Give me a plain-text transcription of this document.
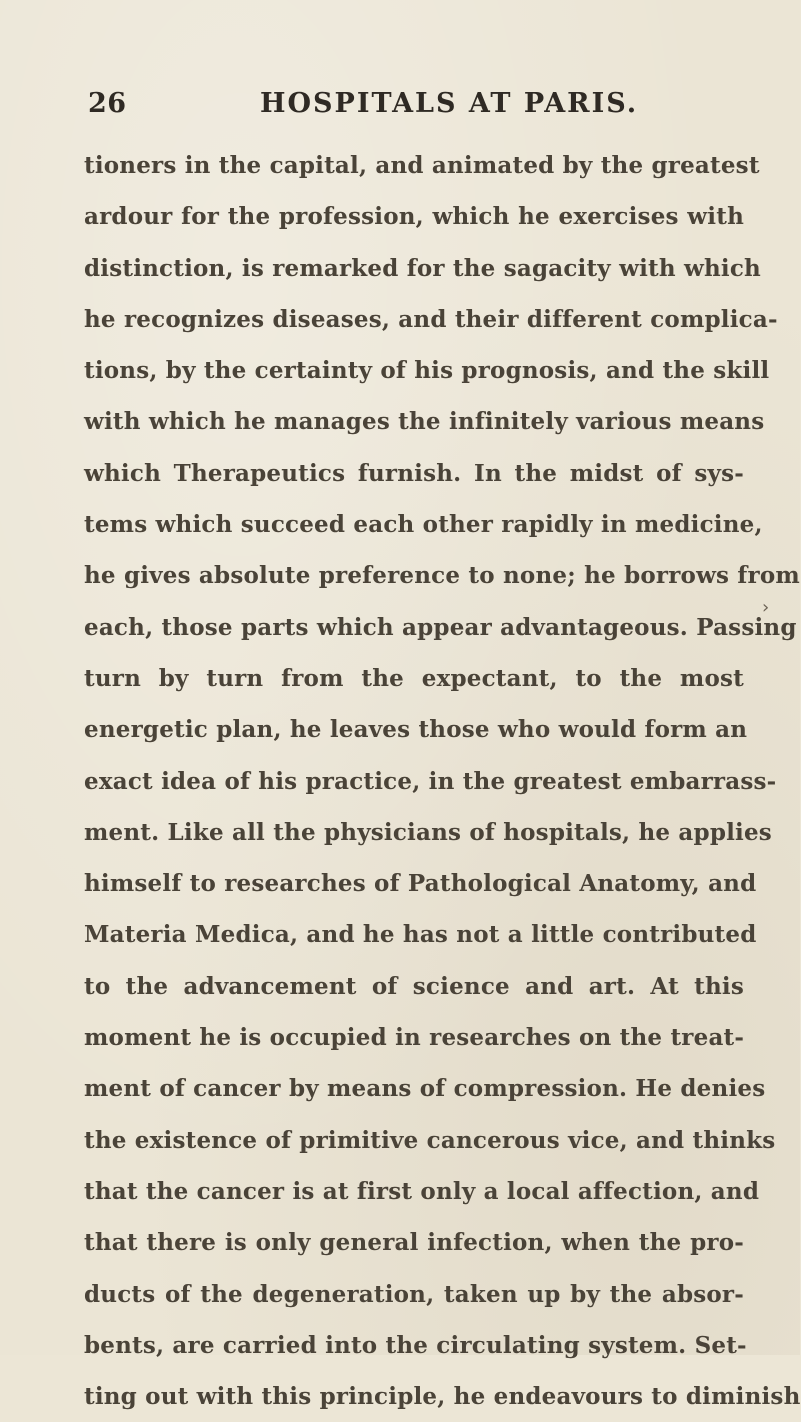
26	HOSPITALS AT PARIS.
tioners in the capital, and animated by the greatest
ardour for the profession, which he exercises with
distinction, is remarked for the sagacity with which
he recognizes diseases, and their different complica-
tions, by the certainty of his prognosis, and the skill
with which he manages the infinitely various means
which Therapeutics furnish. In the midst of sys-
tems which succeed each other rapidly in medicine,
he gives absolute preference to none; he borrows from
each, those parts which appear advantageous. Passing
turn by turn from the expectant, to the most
energetic plan, he leaves those who would form an
exact idea of his practice, in the greatest embarrass-
ment. Like all the physicians of hospitals, he applies
himself to researches of Pathological Anatomy, and
Materia Medica, and he has not a little contributed
to the advancement of science and art. At this
moment he is occupied in researches on the treat-
ment of cancer by means of compression. He denies
the existence of primitive cancerous vice, and thinks
that the cancer is at first only a local affection, and
that there is only general infection, when the pro-
ducts of the degeneration, taken up by the absor-
bents, are carried into the circulating system. Set-
ting out with this principle, he endeavours to diminish
›
